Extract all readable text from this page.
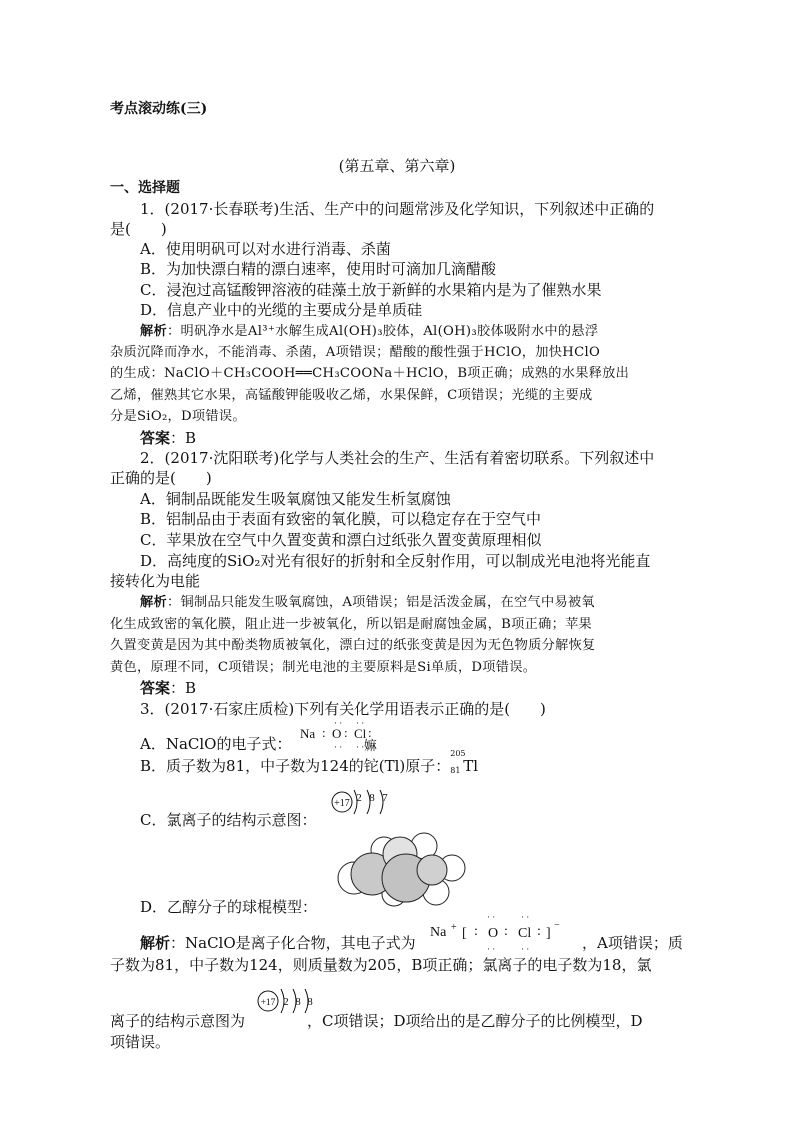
考点滚动练(三)
(第五章、第六章)
一、选择题
1．(2017·长春联考)生活、生产中的问题常涉及化学知识，下列叙述中正确的
是(　　)
A．使用明矾可以对水进行消毒、杀菌
B．为加快漂白精的漂白速率，使用时可滴加几滴醋酸
C．浸泡过高锰酸钾溶液的硅藻土放于新鲜的水果箱内是为了催熟水果
D．信息产业中的光缆的主要成分是单质硅
解析：明矾净水是Al³⁺水解生成Al(OH)₃胶体，Al(OH)₃胶体吸附水中的悬浮
杂质沉降而净水，不能消毒、杀菌，A项错误；醋酸的酸性强于HClO，加快HClO
的生成：NaClO＋CH₃COOH══CH₃COONa＋HClO，B项正确；成熟的水果释放出
乙烯，催熟其它水果，高锰酸钾能吸收乙烯，水果保鲜，C项错误；光缆的主要成
分是SiO₂，D项错误。
答案：B
2．(2017·沈阳联考)化学与人类社会的生产、生活有着密切联系。下列叙述中
正确的是(　　)
A．铜制品既能发生吸氧腐蚀又能发生析氢腐蚀
B．铝制品由于表面有致密的氧化膜，可以稳定存在于空气中
C．苹果放在空气中久置变黄和漂白过纸张久置变黄原理相似
D．高纯度的SiO₂对光有很好的折射和全反射作用，可以制成光电池将光能直
接转化为电能
解析：铜制品只能发生吸氧腐蚀，A项错误；铝是活泼金属，在空气中易被氧
化生成致密的氧化膜，阻止进一步被氧化，所以铝是耐腐蚀金属，B项正确；苹果
久置变黄是因为其中酚类物质被氧化，漂白过的纸张变黄是因为无色物质分解恢复
黄色，原理不同，C项错误；制光电池的主要原料是Si单质，D项错误。
答案：B
3．(2017·石家庄质检)下列有关化学用语表示正确的是(　　)
A．NaClO的电子式：
Na : O : Cl :
· · · ·
· · · · 嫲
B．质子数为81，中子数为124的铊(Tl)原子：
205
81 Tl
+17 2 8 7
C．氯离子的结构示意图：
D．乙醇分子的球棍模型：
解析：NaClO是离子化合物，其电子式为
Na + [ : O : Cl : ]
−
· ·	· ·
· ·	· ·	，A项错误；质
子数为81，中子数为124，则质量数为205，B项正确；氯离子的电子数为18，氯
+17 2 8 8
离子的结构示意图为	，C项错误；D项给出的是乙醇分子的比例模型，D
项错误。
